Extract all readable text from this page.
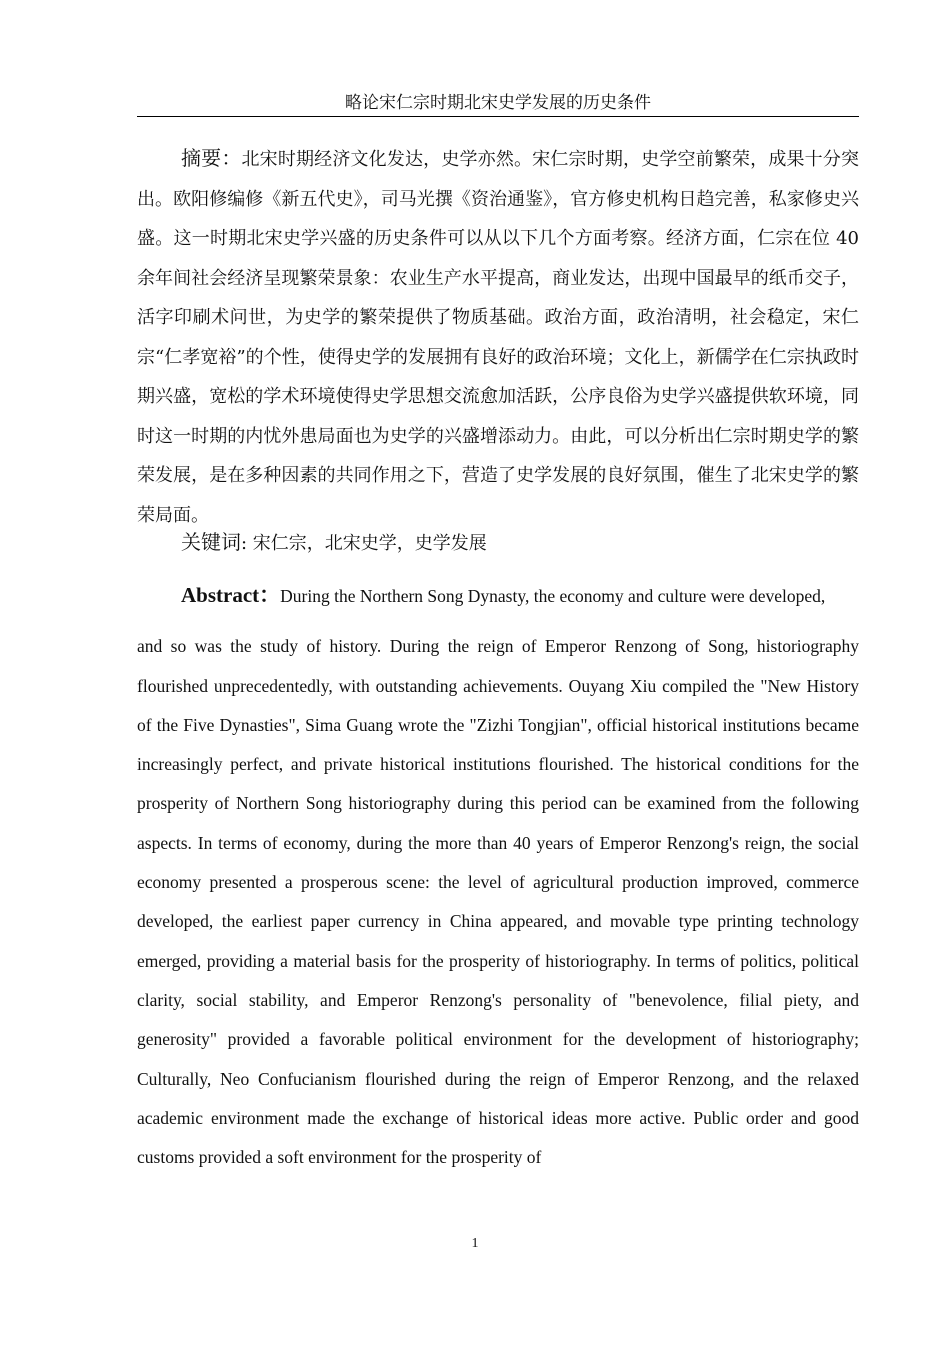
略论宋仁宗时期北宋史学发展的历史条件
摘要：北宋时期经济文化发达，史学亦然。宋仁宗时期，史学空前繁荣，成果十分突出。欧阳修编修《新五代史》，司马光撰《资治通鉴》，官方修史机构日趋完善，私家修史兴盛。这一时期北宋史学兴盛的历史条件可以从以下几个方面考察。经济方面，仁宗在位 40 余年间社会经济呈现繁荣景象：农业生产水平提高，商业发达，出现中国最早的纸币交子，活字印刷术问世，为史学的繁荣提供了物质基础。政治方面，政治清明，社会稳定，宋仁宗“仁孝宽裕”的个性，使得史学的发展拥有良好的政治环境；文化上，新儒学在仁宗执政时期兴盛，宽松的学术环境使得史学思想交流愈加活跃，公序良俗为史学兴盛提供软环境，同时这一时期的内忧外患局面也为史学的兴盛增添动力。由此，可以分析出仁宗时期史学的繁荣发展，是在多种因素的共同作用之下，营造了史学发展的良好氛围，催生了北宋史学的繁荣局面。
关键词: 宋仁宗，北宋史学，史学发展
Abstract：During the Northern Song Dynasty, the economy and culture were developed,
and so was the study of history. During the reign of Emperor Renzong of Song, historiography flourished unprecedentedly, with outstanding achievements. Ouyang Xiu compiled the "New History of the Five Dynasties", Sima Guang wrote the "Zizhi Tongjian", official historical institutions became increasingly perfect, and private historical institutions flourished. The historical conditions for the prosperity of Northern Song historiography during this period can be examined from the following aspects. In terms of economy, during the more than 40 years of Emperor Renzong's reign, the social economy presented a prosperous scene: the level of agricultural production improved, commerce developed, the earliest paper currency in China appeared, and movable type printing technology emerged, providing a material basis for the prosperity of historiography. In terms of politics, political clarity, social stability, and Emperor Renzong's personality of "benevolence, filial piety, and generosity" provided a favorable political environment for the development of historiography; Culturally, Neo Confucianism flourished during the reign of Emperor Renzong, and the relaxed academic environment made the exchange of historical ideas more active. Public order and good customs provided a soft environment for the prosperity of
1
